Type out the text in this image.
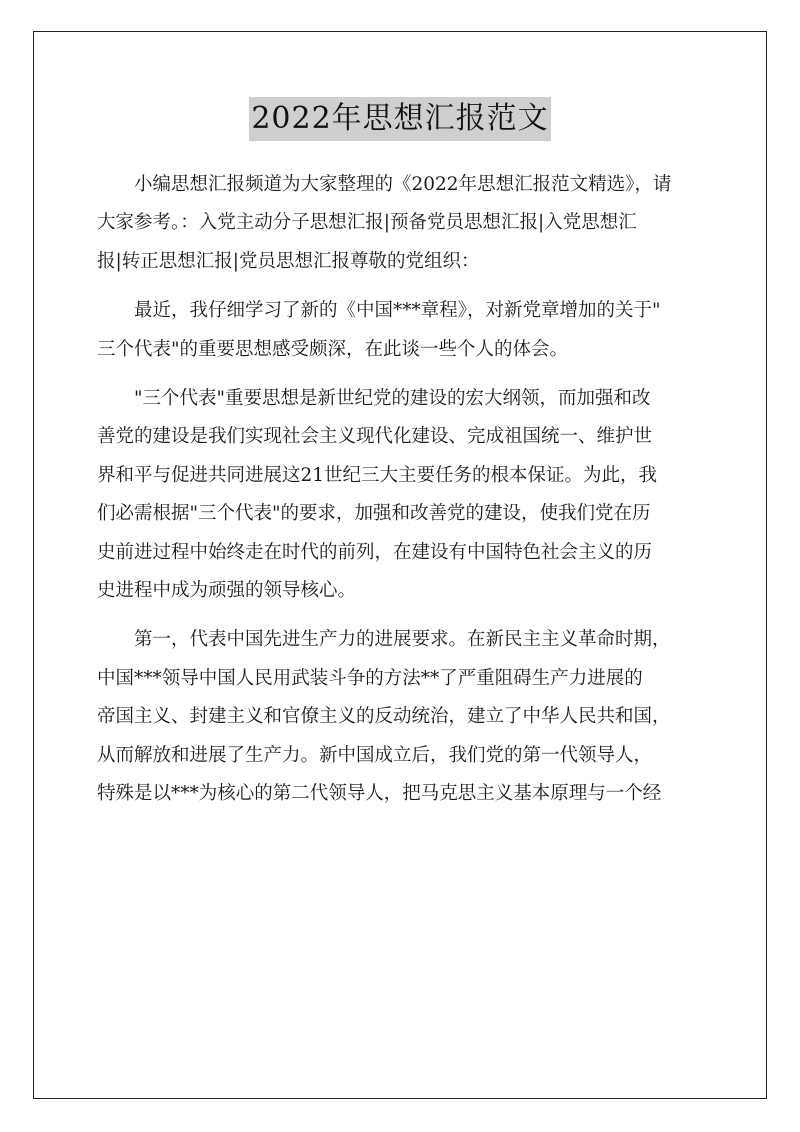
2022年思想汇报范文
小编思想汇报频道为大家整理的《2022年思想汇报范文精选》，请
大家参考。：入党主动分子思想汇报|预备党员思想汇报|入党思想汇
报|转正思想汇报|党员思想汇报尊敬的党组织：
最近，我仔细学习了新的《中国***章程》，对新党章增加的关于"
三个代表"的重要思想感受颇深，在此谈一些个人的体会。
"三个代表"重要思想是新世纪党的建设的宏大纲领，而加强和改
善党的建设是我们实现社会主义现代化建设、完成祖国统一、维护世
界和平与促进共同进展这21世纪三大主要任务的根本保证。为此，我
们必需根据"三个代表"的要求，加强和改善党的建设，使我们党在历
史前进过程中始终走在时代的前列，在建设有中国特色社会主义的历
史进程中成为顽强的领导核心。
第一，代表中国先进生产力的进展要求。在新民主主义革命时期，
中国***领导中国人民用武装斗争的方法**了严重阻碍生产力进展的
帝国主义、封建主义和官僚主义的反动统治，建立了中华人民共和国，
从而解放和进展了生产力。新中国成立后，我们党的第一代领导人，
特殊是以***为核心的第二代领导人，把马克思主义基本原理与一个经
